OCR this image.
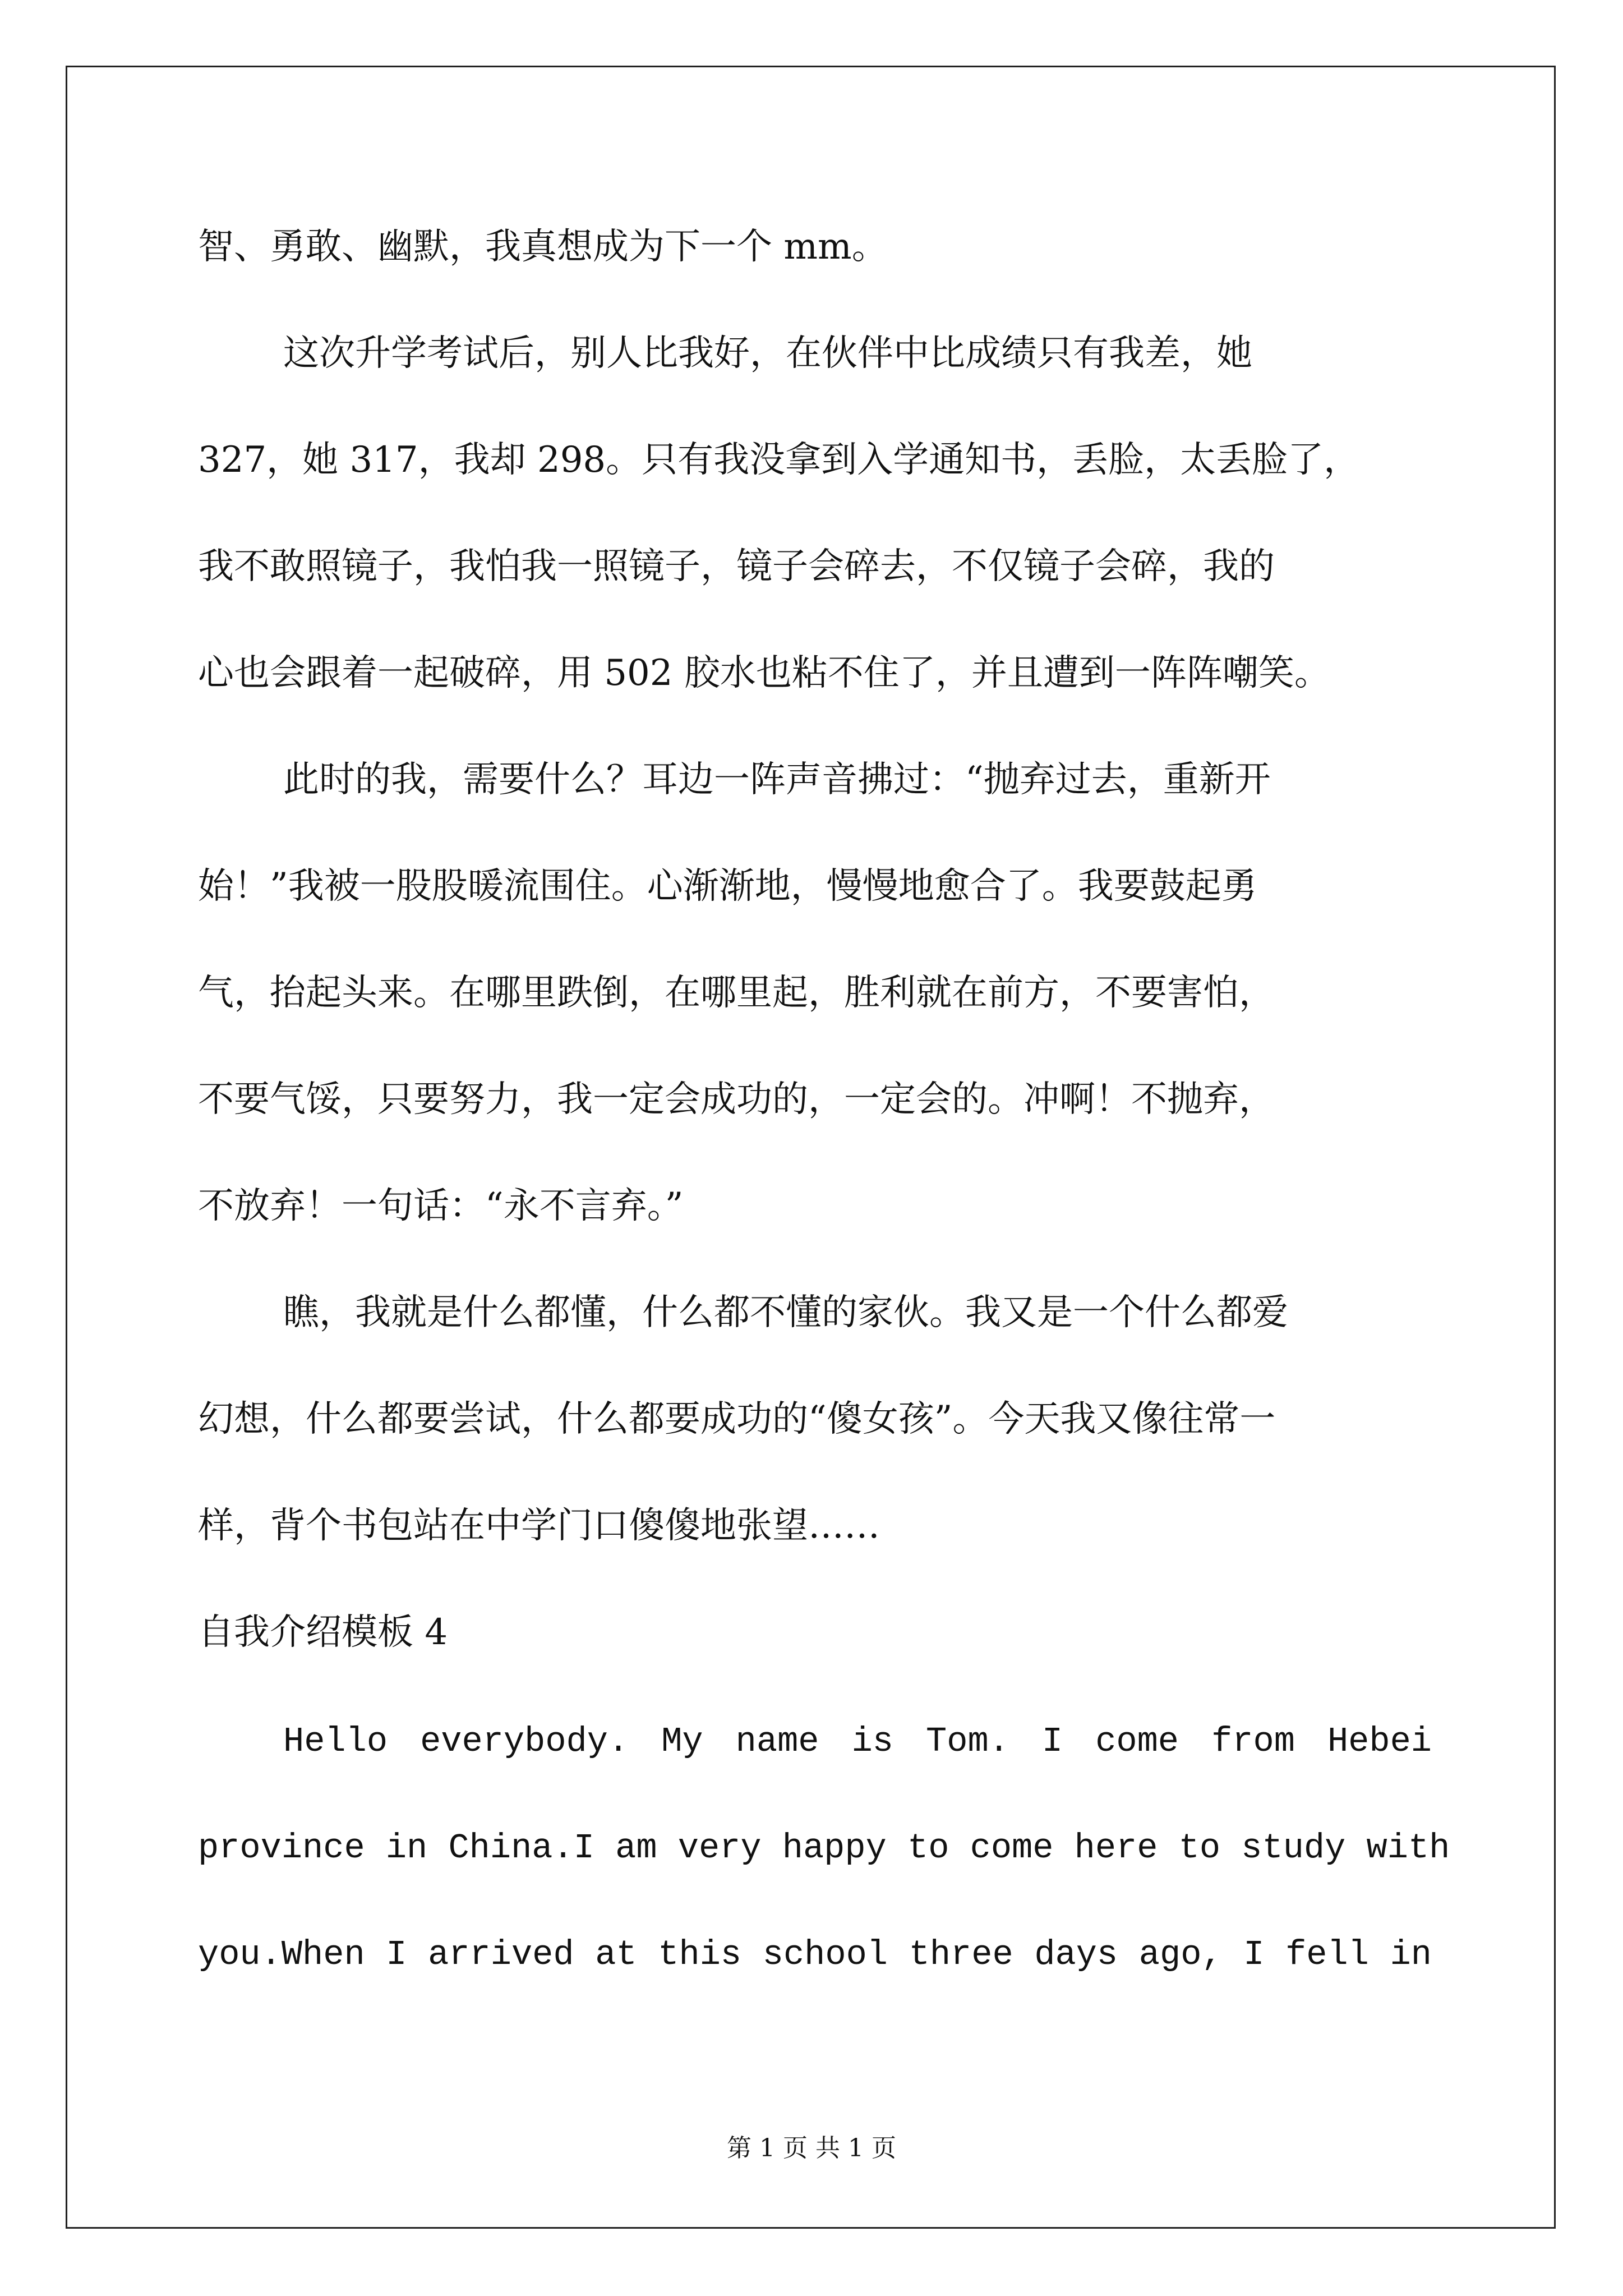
智、勇敢、幽默，我真想成为下一个 mm。
这次升学考试后，别人比我好，在伙伴中比成绩只有我差，她
327，她 317，我却 298。只有我没拿到入学通知书，丢脸，太丢脸了，
我不敢照镜子，我怕我一照镜子，镜子会碎去，不仅镜子会碎，我的
心也会跟着一起破碎，用 502 胶水也粘不住了，并且遭到一阵阵嘲笑。
此时的我，需要什么？耳边一阵声音拂过：“抛弃过去，重新开
始！”我被一股股暖流围住。心渐渐地，慢慢地愈合了。我要鼓起勇
气，抬起头来。在哪里跌倒，在哪里起，胜利就在前方，不要害怕，
不要气馁，只要努力，我一定会成功的，一定会的。冲啊！不抛弃，
不放弃！一句话：“永不言弃。”
瞧，我就是什么都懂，什么都不懂的家伙。我又是一个什么都爱
幻想，什么都要尝试，什么都要成功的“傻女孩”。今天我又像往常一
样，背个书包站在中学门口傻傻地张望……
自我介绍模板 4
Hello everybody. My name is Tom. I come from Hebei
province in China.I am very happy to come here to study with
you.When I arrived at this school three days ago, I fell in
第 1 页 共 1 页
